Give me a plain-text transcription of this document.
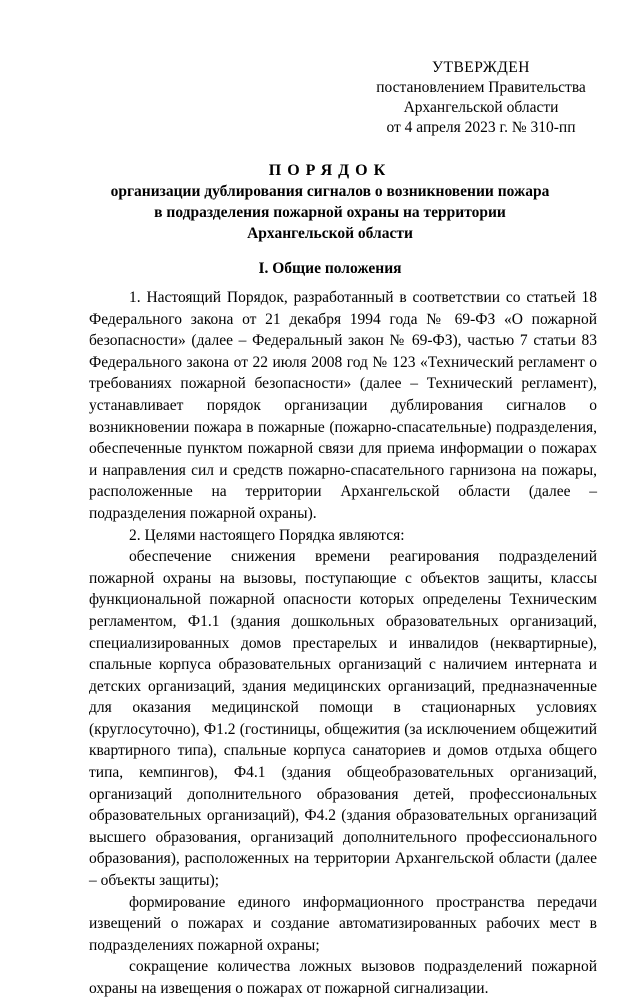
УТВЕРЖДЕН
постановлением Правительства
Архангельской области
от 4 апреля 2023 г. № 310-пп
ПОРЯДОК
организации дублирования сигналов о возникновении пожара в подразделения пожарной охраны на территории Архангельской области
I. Общие положения

1. Настоящий Порядок, разработанный в соответствии со статьей 18 Федерального закона от 21 декабря 1994 года № 69-ФЗ «О пожарной безопасности» (далее – Федеральный закон № 69-ФЗ), частью 7 статьи 83 Федерального закона от 22 июля 2008 год № 123 «Технический регламент о требованиях пожарной безопасности» (далее – Технический регламент), устанавливает порядок организации дублирования сигналов о возникновении пожара в пожарные (пожарно-спасательные) подразделения, обеспеченные пунктом пожарной связи для приема информации о пожарах и направления сил и средств пожарно-спасательного гарнизона на пожары, расположенные на территории Архангельской области (далее – подразделения пожарной охраны).

2. Целями настоящего Порядка являются:

обеспечение снижения времени реагирования подразделений пожарной охраны на вызовы, поступающие с объектов защиты, классы функциональной пожарной опасности которых определены Техническим регламентом, Ф1.1 (здания дошкольных образовательных организаций, специализированных домов престарелых и инвалидов (неквартирные), спальные корпуса образовательных организаций с наличием интерната и детских организаций, здания медицинских организаций, предназначенные для оказания медицинской помощи в стационарных условиях (круглосуточно), Ф1.2 (гостиницы, общежития (за исключением общежитий квартирного типа), спальные корпуса санаториев и домов отдыха общего типа, кемпингов), Ф4.1 (здания общеобразовательных организаций, организаций дополнительного образования детей, профессиональных образовательных организаций), Ф4.2 (здания образовательных организаций высшего образования, организаций дополнительного профессионального образования), расположенных на территории Архангельской области (далее – объекты защиты);

формирование единого информационного пространства передачи извещений о пожарах и создание автоматизированных рабочих мест в подразделениях пожарной охраны;

сокращение количества ложных вызовов подразделений пожарной охраны на извещения о пожарах от пожарной сигнализации.
